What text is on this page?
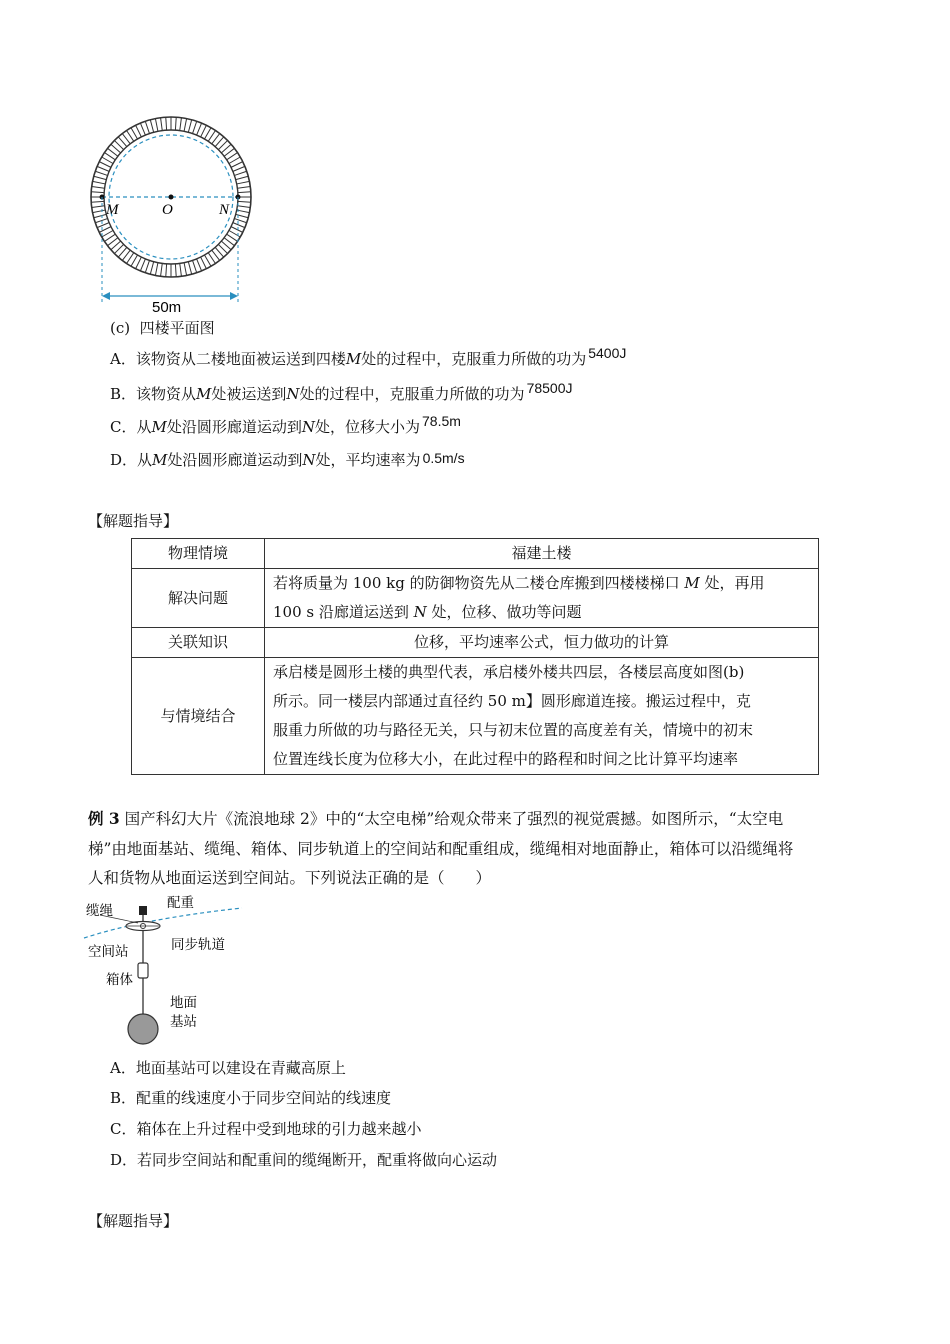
M	O	N
50m
(c) 四楼平面图
A．该物资从二楼地面被运送到四楼M处的过程中，克服重力所做的功为 5400J
B．该物资从M处被运送到N处的过程中，克服重力所做的功为 78500J
C．从M处沿圆形廊道运动到N处，位移大小为 78.5m
D．从M处沿圆形廊道运动到N处，平均速率为 0.5m/s
【解题指导】
物理情境	福建土楼
解决问题	若将质量为 100 kg 的防御物资先从二楼仓库搬到四楼楼梯口 M 处，再用
100 s 沿廊道运送到 N 处，位移、做功等问题

关联知识	位移，平均速率公式，恒力做功的计算
与情境结合	承启楼是圆形土楼的典型代表，承启楼外楼共四层，各楼层高度如图(b)
所示。同一楼层内部通过直径约 50 m】圆形廊道连接。搬运过程中，克
服重力所做的功与路径无关，只与初末位置的高度差有关，情境中的初末
位置连线长度为位移大小，在此过程中的路程和时间之比计算平均速率
例 3 国产科幻大片《流浪地球 2》中的“太空电梯”给观众带来了强烈的视觉震撼。如图所示，“太空电
梯”由地面基站、缆绳、箱体、同步轨道上的空间站和配重组成，缆绳相对地面静止，箱体可以沿缆绳将
人和货物从地面运送到空间站。下列说法正确的是（　　）
缆绳	配重
空间站	同步轨道
箱体
地面
基站
A．地面基站可以建设在青藏高原上
B．配重的线速度小于同步空间站的线速度
C．箱体在上升过程中受到地球的引力越来越小
D．若同步空间站和配重间的缆绳断开，配重将做向心运动
【解题指导】
